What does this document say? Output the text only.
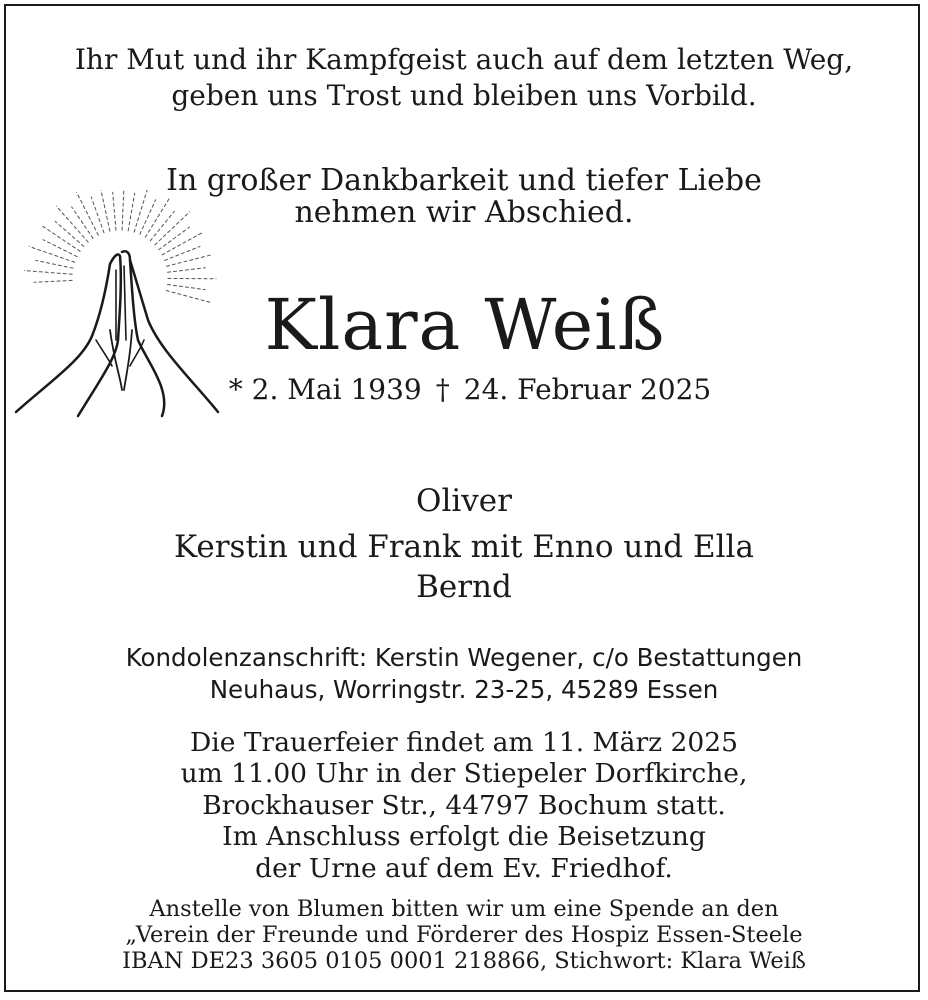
Ihr Mut und ihr Kampfgeist auch auf dem letzten Weg,
geben uns Trost und bleiben uns Vorbild.
In großer Dankbarkeit und tiefer Liebe
nehmen wir Abschied.
Klara Weiß
* 2. Mai 1939 † 24. Februar 2025
Oliver
Kerstin und Frank mit Enno und Ella
Bernd
Kondolenzanschrift: Kerstin Wegener, c/o Bestattungen
Neuhaus, Worringstr. 23-25, 45289 Essen
Die Trauerfeier findet am 11. März 2025
um 11.00 Uhr in der Stiepeler Dorfkirche,
Brockhauser Str., 44797 Bochum statt.
Im Anschluss erfolgt die Beisetzung
der Urne auf dem Ev. Friedhof.
Anstelle von Blumen bitten wir um eine Spende an den
„Verein der Freunde und Förderer des Hospiz Essen-Steele
IBAN DE23 3605 0105 0001 218866, Stichwort: Klara Weiß
